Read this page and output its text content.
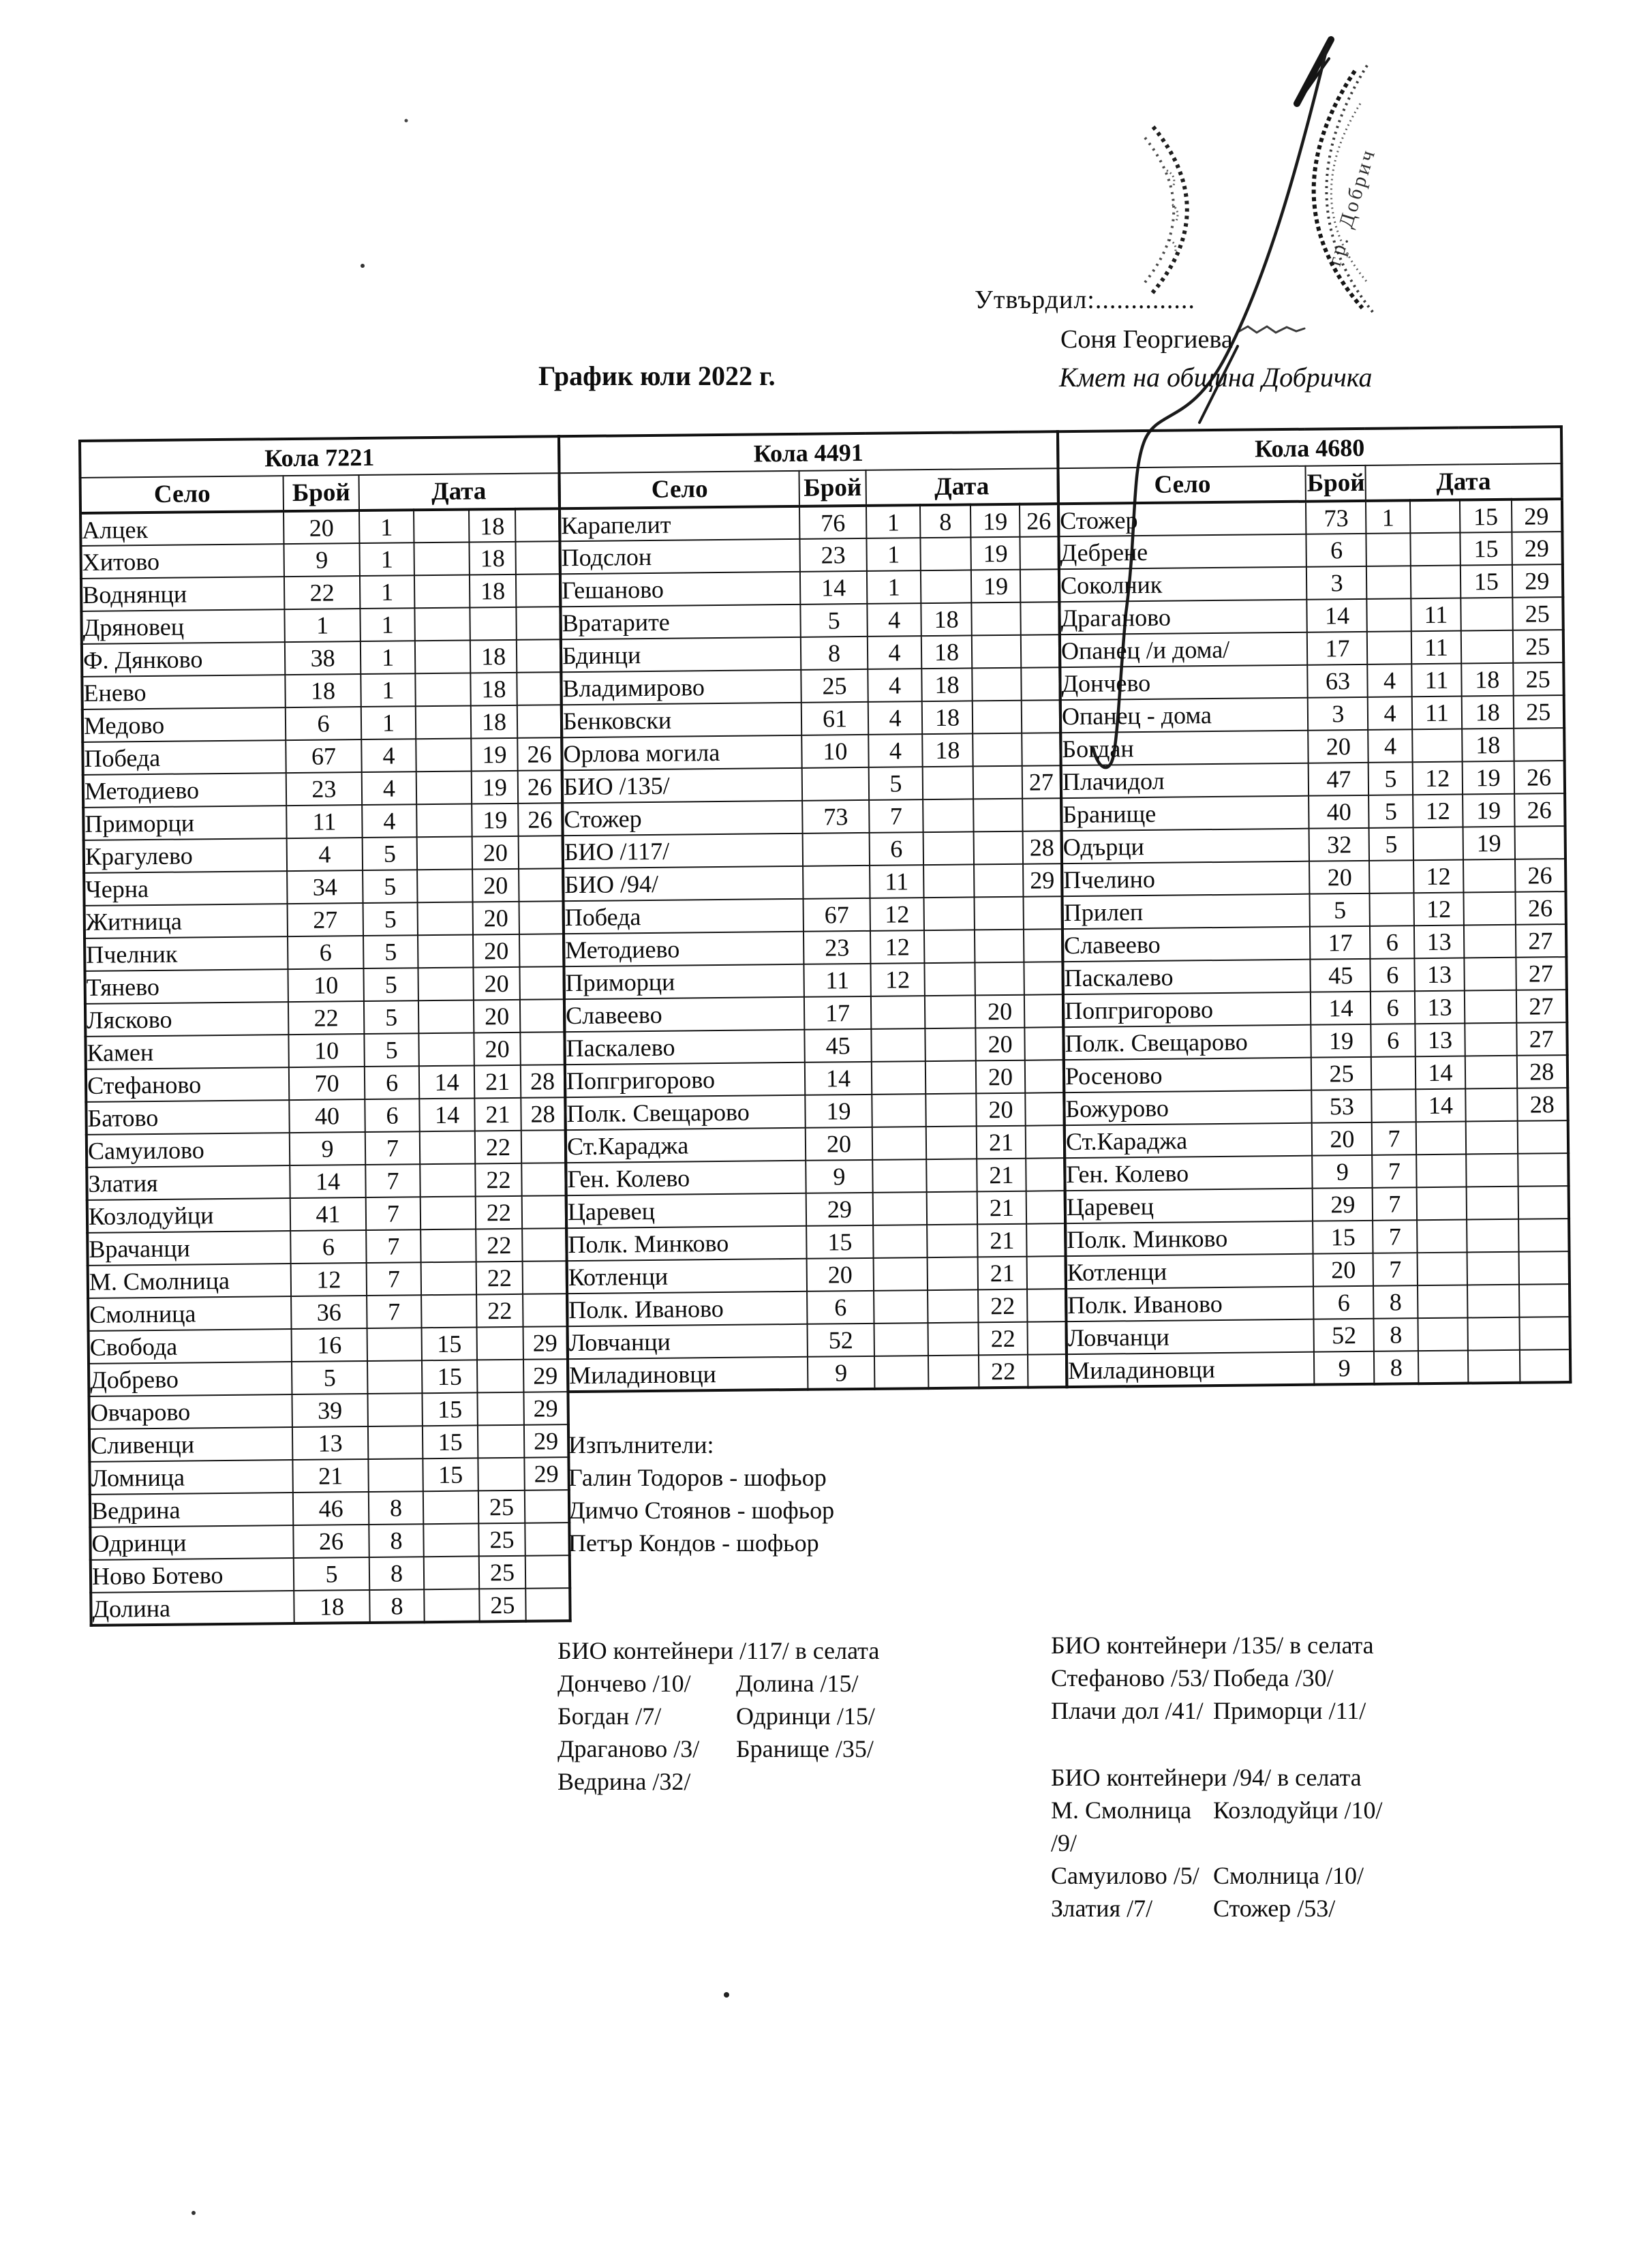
гр. Добрич
Утвърдил:..............
Соня Георгиева
Кмет на община Добричка
График юли 2022 г.
Кола 7221					
Село	Брой	Дата			
Алцек	20	1		18	
Хитово	9	1		18	
Воднянци	22	1		18	
Дряновец	1	1			
Ф. Дянково	38	1		18	
Енево	18	1		18	
Медово	6	1		18	
Победа	67	4		19	26
Методиево	23	4		19	26
Приморци	11	4		19	26
Крагулево	4	5		20	
Черна	34	5		20	
Житница	27	5		20	
Пчелник	6	5		20	
Тянево	10	5		20	
Лясково	22	5		20	
Камен	10	5		20	
Стефаново	70	6	14	21	28
Батово	40	6	14	21	28
Самуилово	9	7		22	
Златия	14	7		22	
Козлодуйци	41	7		22	
Врачанци	6	7		22	
М. Смолница	12	7		22	
Смолница	36	7		22	
Свобода	16		15		29
Добрево	5		15		29
Овчарово	39		15		29
Сливенци	13		15		29
Ломница	21		15		29
Ведрина	46	8		25	
Одринци	26	8		25	
Ново Ботево	5	8		25	
Долина	18	8		25	
Кола 4491					
Село	Брой	Дата			
Карапелит	76	1	8	19	26
Подслон	23	1		19	
Гешаново	14	1		19	
Вратарите	5	4	18		
Бдинци	8	4	18		
Владимирово	25	4	18		
Бенковски	61	4	18		
Орлова могила	10	4	18		
БИО /135/		5			27
Стожер	73	7			
БИО /117/		6			28
БИО /94/		11			29
Победа	67	12			
Методиево	23	12			
Приморци	11	12			
Славеево	17			20	
Паскалево	45			20	
Попгригорово	14			20	
Полк. Свещарово	19			20	
Ст.Караджа	20			21	
Ген. Колево	9			21	
Царевец	29			21	
Полк. Минково	15			21	
Котленци	20			21	
Полк. Иваново	6			22	
Ловчанци	52			22	
Миладиновци	9			22	
Кола 4680					
Село	Брой	Дата			
Стожер	73	1		15	29
Дебрене	6			15	29
Соколник	3			15	29
Драганово	14		11		25
Опанец /и дома/	17		11		25
Дончево	63	4	11	18	25
Опанец - дома	3	4	11	18	25
Богдан	20	4		18	
Плачидол	47	5	12	19	26
Бранище	40	5	12	19	26
Одърци	32	5		19	
Пчелино	20		12		26
Прилеп	5		12		26
Славеево	17	6	13		27
Паскалево	45	6	13		27
Попгригорово	14	6	13		27
Полк. Свещарово	19	6	13		27
Росеново	25		14		28
Божурово	53		14		28
Ст.Караджа	20	7			
Ген. Колево	9	7			
Царевец	29	7			
Полк. Минково	15	7			
Котленци	20	7			
Полк. Иваново	6	8			
Ловчанци	52	8			
Миладиновци	9	8			
Изпълнители:
Галин Тодоров - шофьор
Димчо Стоянов - шофьор
Петър Кондов - шофьор
БИО контейнери /117/ в селата
Дончево /10/	Долина /15/
Богдан /7/	Одринци /15/
Драганово /3/	Бранище /35/
Ведрина /32/
БИО контейнери /135/ в селата
Стефаново /53/ Победа /30/
Плачи дол /41/ Приморци /11/
БИО контейнери /94/ в селата
М. Смолница /9/
Козлодуйци /10/
Самуилово /5/ Смолница /10/
Златия /7/	Стожер /53/
